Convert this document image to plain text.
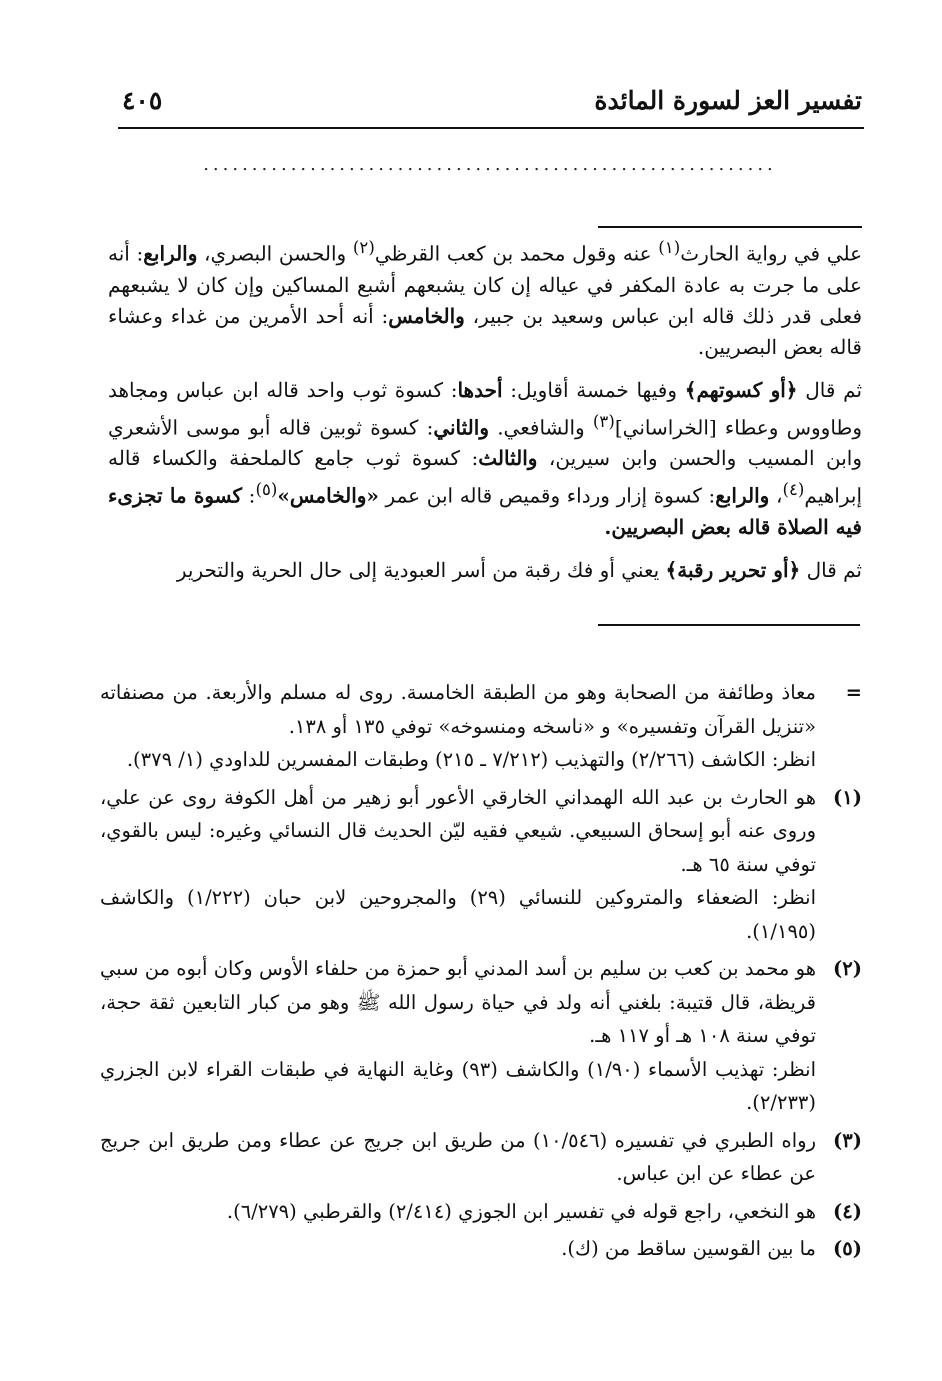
تفسير العز لسورة المائدة
٤٠٥
...........................................................

علي في رواية الحارث$^{(١)}$ عنه وقول محمد بن كعب القرظي$^{(٢)}$ والحسن البصري، والرابع: أنه على ما جرت به عادة المكفر في عياله إن كان يشبعهم أشبع المساكين وإن كان لا يشبعهم فعلى قدر ذلك قاله ابن عباس وسعيد بن جبير، والخامس: أنه أحد الأمرين من غداء وعشاء قاله بعض البصريين.

ثم قال ﴿أو كسوتهم﴾ وفيها خمسة أقاويل: أحدها: كسوة ثوب واحد قاله ابن عباس ومجاهد وطاووس وعطاء [الخراساني]$^{(٣)}$ والشافعي. والثاني: كسوة ثوبين قاله أبو موسى الأشعري وابن المسيب والحسن وابن سيرين، والثالث: كسوة ثوب جامع كالملحفة والكساء قاله إبراهيم$^{(٤)}$، والرابع: كسوة إزار ورداء وقميص قاله ابن عمر «والخامس»$^{(٥)}$: كسوة ما تجزىء فيه الصلاة قاله بعض البصريين.

ثم قال ﴿أو تحرير رقبة﴾ يعني أو فك رقبة من أسر العبودية إلى حال الحرية والتحرير

=

معاذ وطائفة من الصحابة وهو من الطبقة الخامسة. روى له مسلم والأربعة. من مصنفاته «تنزيل القرآن وتفسيره» و «ناسخه ومنسوخه» توفي ١٣٥ أو ١٣٨.

انظر: الكاشف (٢/٢٦٦) والتهذيب (٧/٢١٢ ـ ٢١٥) وطبقات المفسرين للداودي (١/ ٣٧٩).

(١)

هو الحارث بن عبد الله الهمداني الخارقي الأعور أبو زهير من أهل الكوفة روى عن علي، وروى عنه أبو إسحاق السبيعي. شيعي فقيه ليّن الحديث قال النسائي وغيره: ليس بالقوي، توفي سنة ٦٥ هـ.

انظر: الضعفاء والمتروكين للنسائي (٢٩) والمجروحين لابن حبان (١/٢٢٢) والكاشف (١/١٩٥).

(٢)

هو محمد بن كعب بن سليم بن أسد المدني أبو حمزة من حلفاء الأوس وكان أبوه من سبي قريظة، قال قتيبة: بلغني أنه ولد في حياة رسول الله ﷺ وهو من كبار التابعين ثقة حجة، توفي سنة ١٠٨ هـ أو ١١٧ هـ.

انظر: تهذيب الأسماء (١/٩٠) والكاشف (٩٣) وغاية النهاية في طبقات القراء لابن الجزري (٢/٢٣٣).

(٣)

رواه الطبري في تفسيره (١٠/٥٤٦) من طريق ابن جريج عن عطاء ومن طريق ابن جريج عن عطاء عن ابن عباس.

(٤)

هو النخعي، راجع قوله في تفسير ابن الجوزي (٢/٤١٤) والقرطبي (٦/٢٧٩).

(٥)

ما بين القوسين ساقط من (ك).
